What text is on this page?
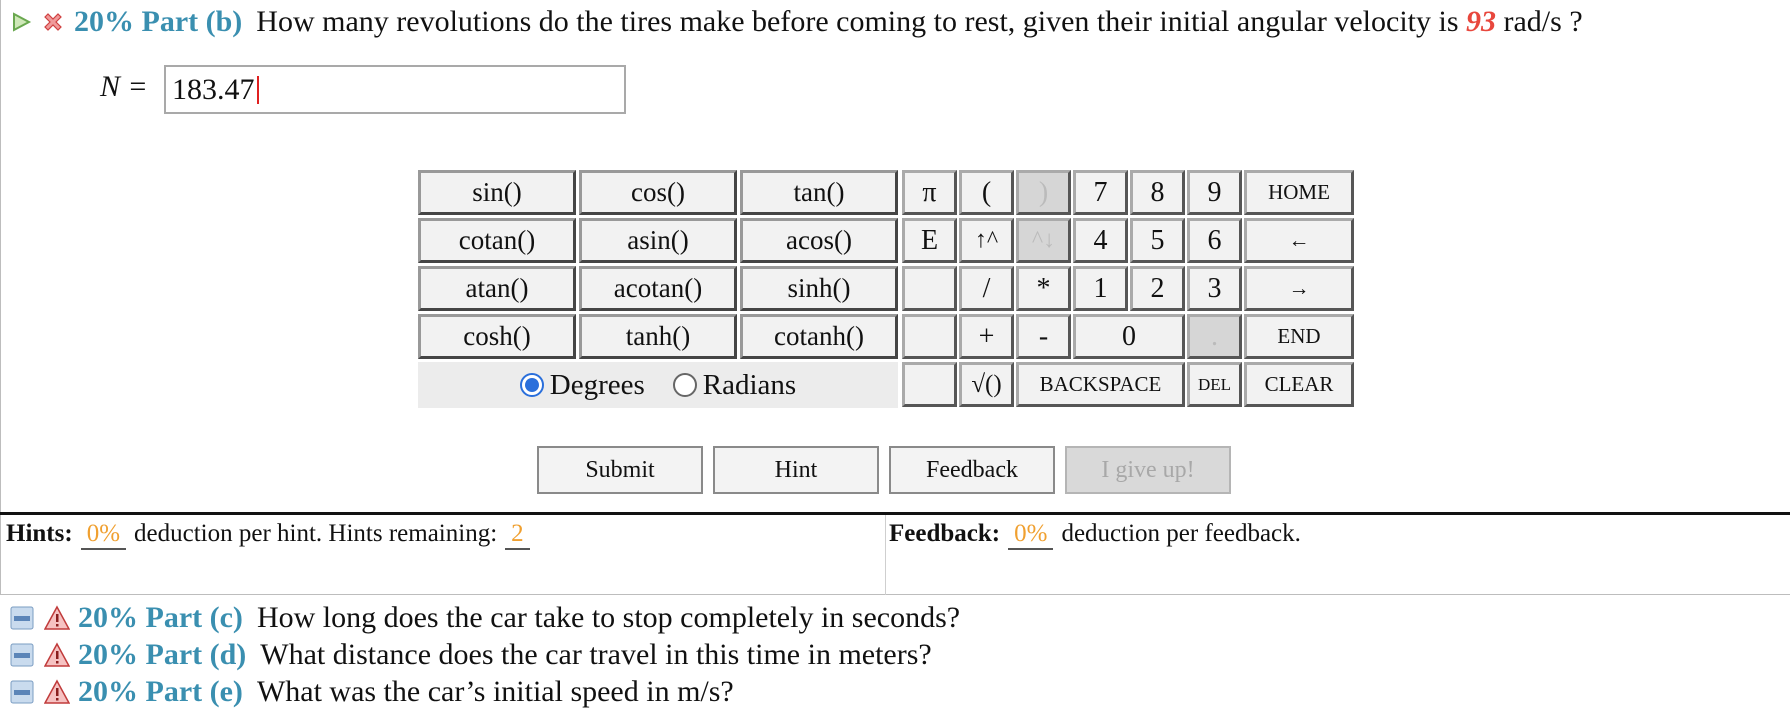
20% Part (b) How many revolutions do the tires make before coming to rest, given their initial angular velocity is 93 rad/s ?
N = 183.47
sin()	cos()	tan()
cotan()	asin()	acos()
atan()	acotan()	sinh()
cosh()	tanh()	cotanh()
Degrees Radians
π	(	)	7	8	9	HOME
E	↑^	^↓	4	5	6	←
/	*	1	2	3	→
+	-	0	.	END
√()	BACKSPACE	DEL	CLEAR
Submit	Hint	Feedback	I give up!
Hints: 0% deduction per hint. Hints remaining: 2	Feedback: 0% deduction per feedback.
20% Part (c) How long does the car take to stop completely in seconds?
20% Part (d) What distance does the car travel in this time in meters?
20% Part (e) What was the car’s initial speed in m/s?
